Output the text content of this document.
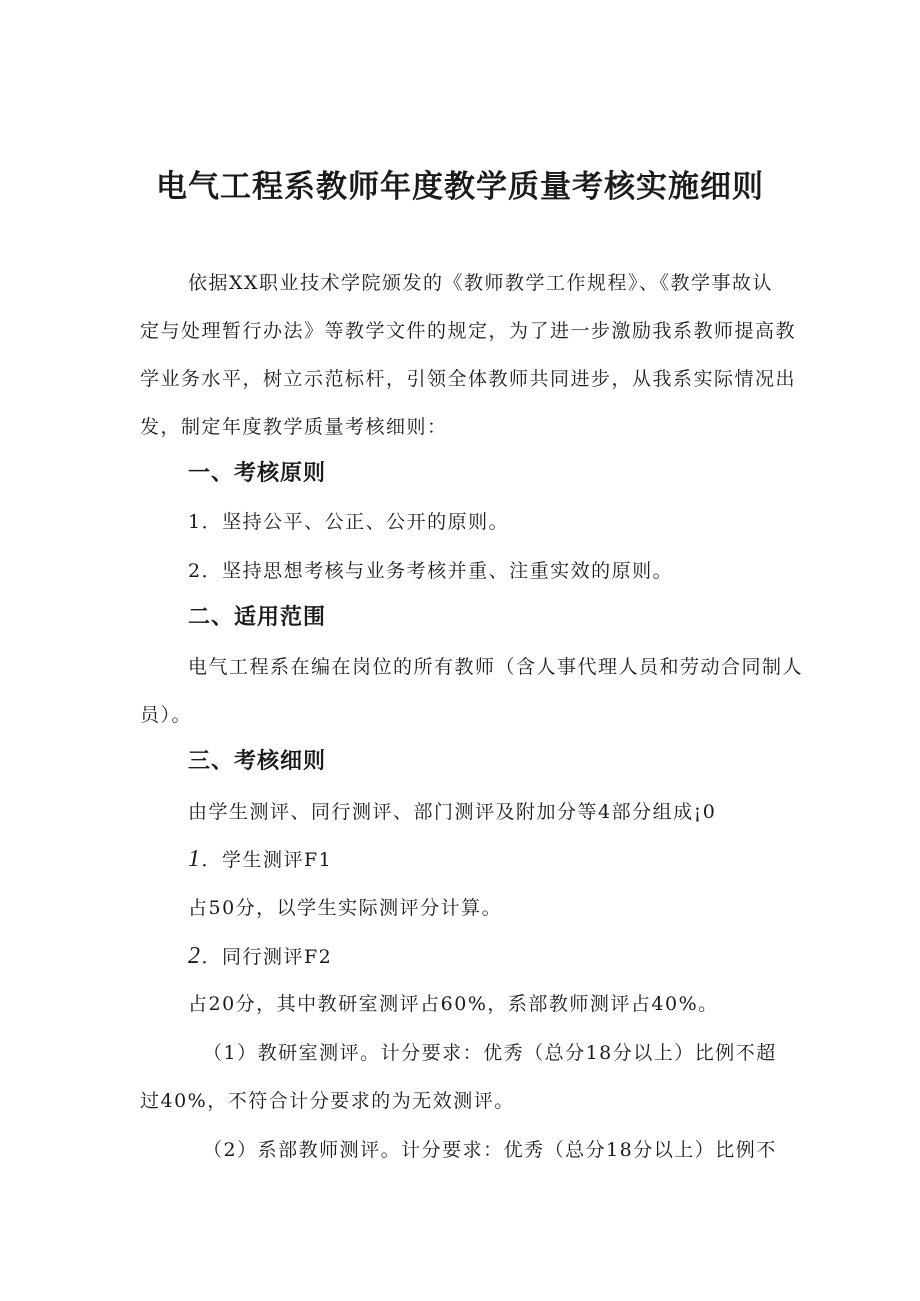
电气工程系教师年度教学质量考核实施细则
依据XX职业技术学院颁发的《教师教学工作规程》、《教学事故认
定与处理暂行办法》等教学文件的规定，为了进一步激励我系教师提高教
学业务水平，树立示范标杆，引领全体教师共同进步，从我系实际情况出
发，制定年度教学质量考核细则：
一、考核原则
1．坚持公平、公正、公开的原则。
2．坚持思想考核与业务考核并重、注重实效的原则。
二、适用范围
电气工程系在编在岗位的所有教师（含人事代理人员和劳动合同制人
员）。
三、考核细则
由学生测评、同行测评、部门测评及附加分等4部分组成¡0
1．学生测评F1
占50分，以学生实际测评分计算。
2．同行测评F2
占20分，其中教研室测评占60%，系部教师测评占40%。
（1）教研室测评。计分要求：优秀（总分18分以上）比例不超
过40%，不符合计分要求的为无效测评。
（2）系部教师测评。计分要求：优秀（总分18分以上）比例不
